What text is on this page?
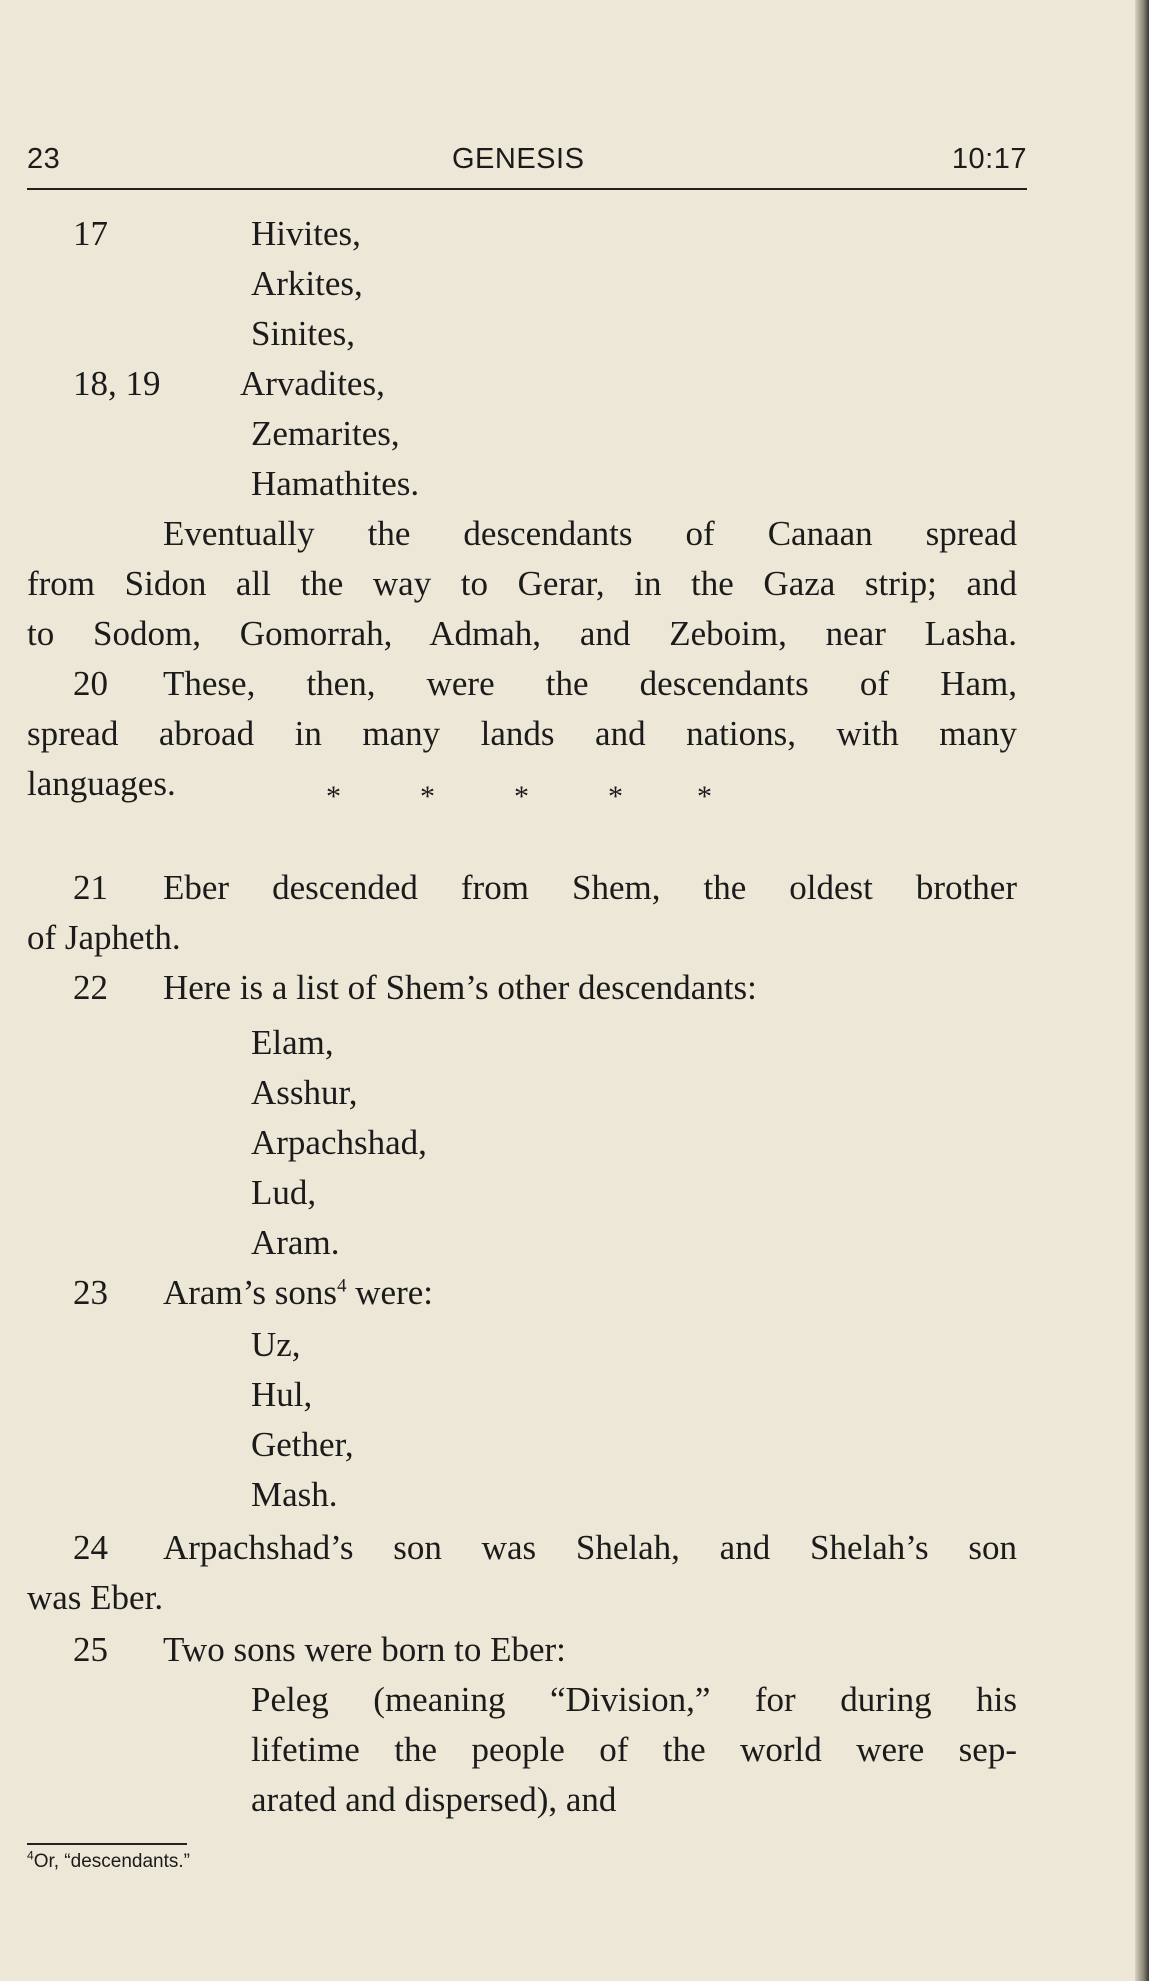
23	GENESIS	10:17
17	Hivites,
Arkites,
Sinites,
18, 19 Arvadites,
Zemarites,
Hamathites.
Eventually the descendants of Canaan spread
from Sidon all the way to Gerar, in the Gaza strip; and
to Sodom, Gomorrah, Admah, and Zeboim, near Lasha.
20 These, then, were the descendants of Ham,
spread abroad in many lands and nations, with many
languages.	*	*	*	* *
21 Eber descended from Shem, the oldest brother
of Japheth.
22 Here is a list of Shem’s other descendants:
Elam,
Asshur,
Arpachshad,
Lud,
Aram.
23 Aram’s sons$^4$ were:
Uz,
Hul,
Gether,
Mash.
24 Arpachshad’s son was Shelah, and Shelah’s son
was Eber.
25 Two sons were born to Eber:
Peleg (meaning “Division,” for during his
lifetime the people of the world were sep-
arated and dispersed), and
$^4$Or, “descendants.”
